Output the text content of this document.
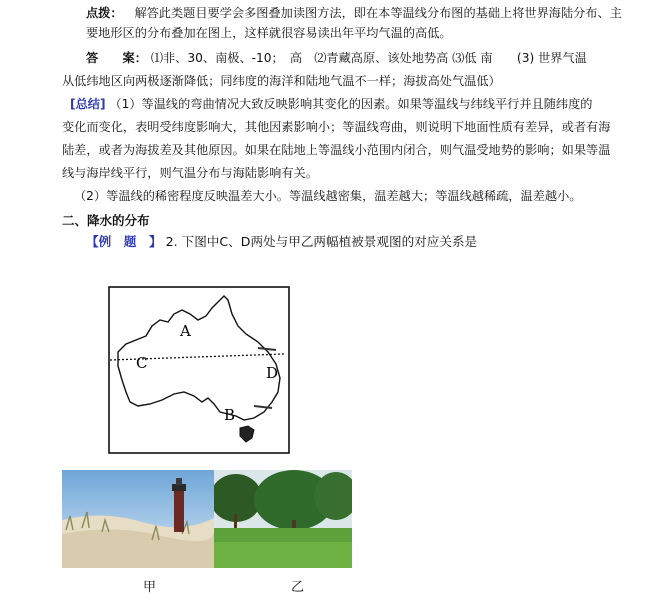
点拨： 解答此类题目要学会多图叠加读图方法，即在本等温线分布图的基础上将世界海陆分布、主
要地形区的分布叠加在图上，这样就很容易读出年平均气温的高低。
答　　案： ⑴非、30、南极、-10；　高　⑵青藏高原、该处地势高 ⑶低 南　　(3) 世界气温
从低纬地区向两极逐渐降低；同纬度的海洋和陆地气温不一样；海拔高处气温低）
[总结] （1）等温线的弯曲情况大致反映影响其变化的因素。如果等温线与纬线平行并且随纬度的
变化而变化，表明受纬度影响大，其他因素影响小；等温线弯曲，则说明下地面性质有差异，或者有海
陆差，或者为海拔差及其他原因。如果在陆地上等温线小范围内闭合，则气温受地势的影响；如果等温
线与海岸线平行，则气温分布与海陆影响有关。
（2）等温线的稀密程度反映温差大小。等温线越密集，温差越大；等温线越稀疏，温差越小。
二、降水的分布
【例　题　】 2. 下图中C、D两处与甲乙两幅植被景观图的对应关系是
A
B
C
D
甲	乙
